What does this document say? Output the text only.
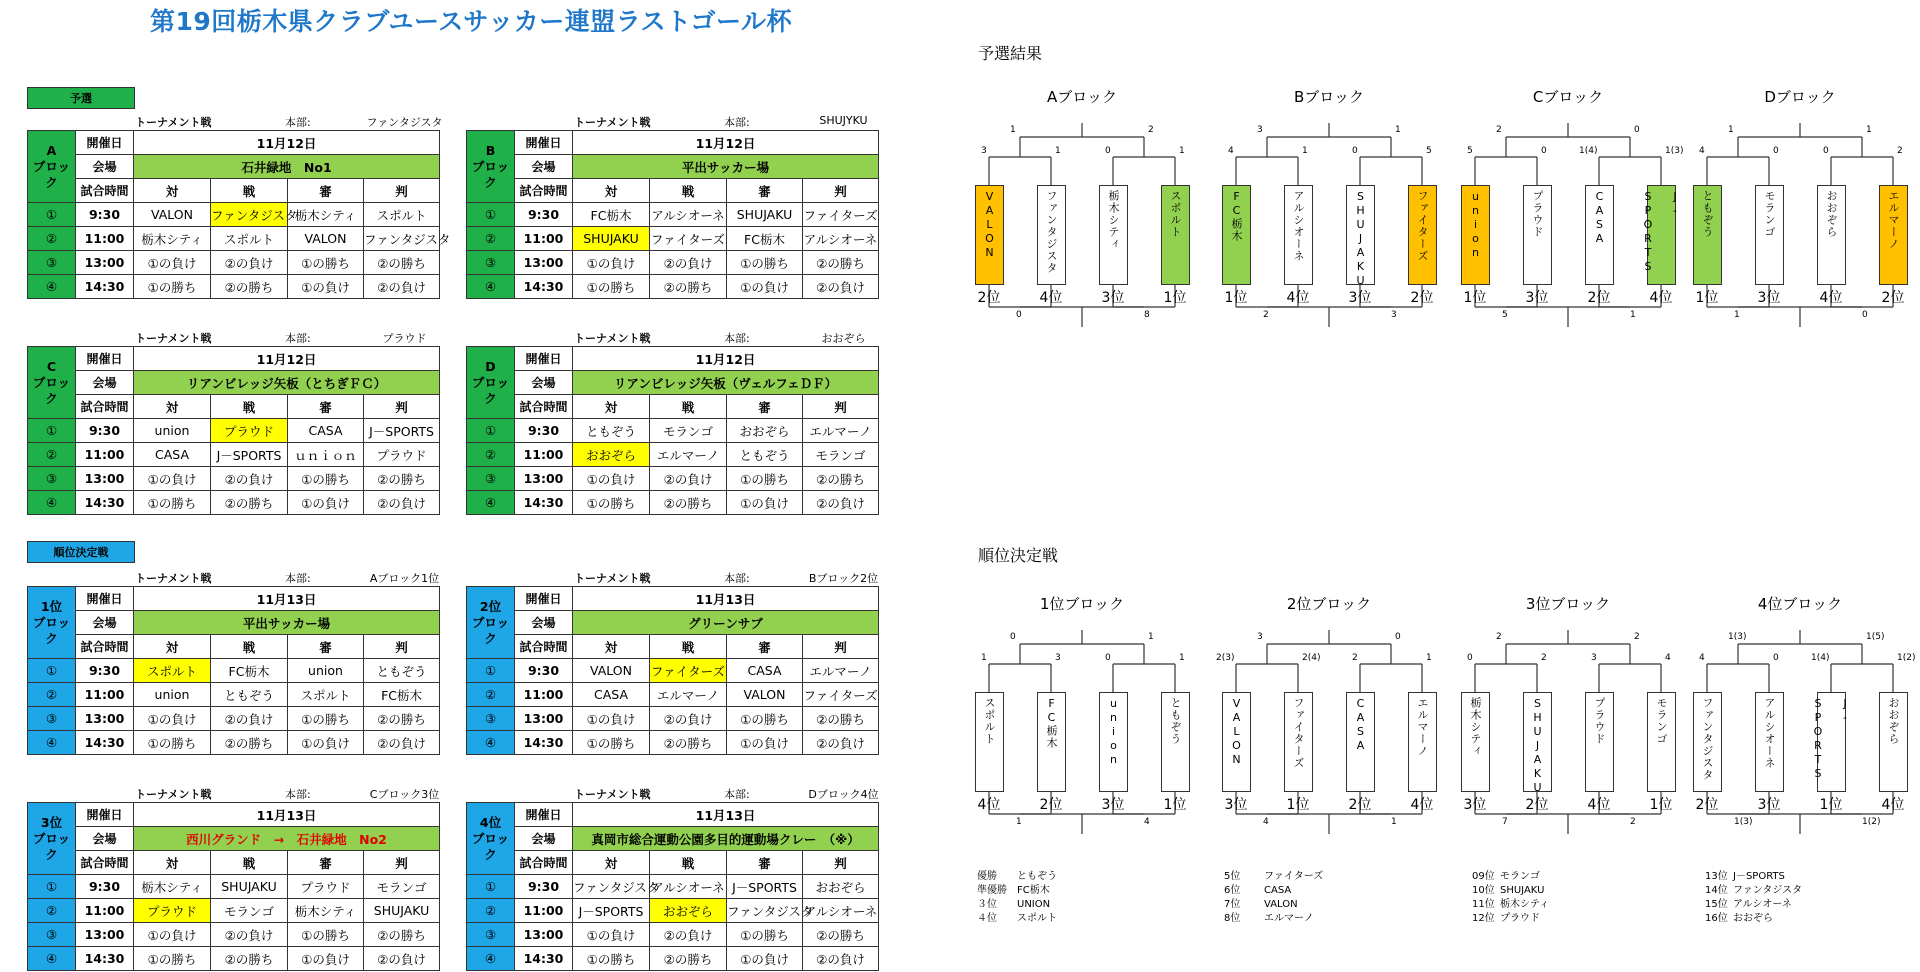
第19回栃木県クラブユースサッカー連盟ラストゴール杯
予選
順位決定戦
トーナメント戦	本部:	ファンタジスタ
A
ブロック	開催日	11月12日			
	会場	石井緑地　No1			
	試合時間	対	戦	審	判
①	9:30	VALON	ファンタジスタ	栃木シティ	スポルト
②	11:00	栃木シティ	スポルト	VALON	ファンタジスタ
③	13:00	①の負け	②の負け	①の勝ち	②の勝ち
④	14:30	①の勝ち	②の勝ち	①の負け	②の負け
トーナメント戦	本部:	SHUJYKU
B
ブロック	開催日	11月12日			
	会場	平出サッカー場			
	試合時間	対	戦	審	判
①	9:30	FC栃木	アルシオーネ	SHUJAKU	ファイターズ
②	11:00	SHUJAKU	ファイターズ	FC栃木	アルシオーネ
③	13:00	①の負け	②の負け	①の勝ち	②の勝ち
④	14:30	①の勝ち	②の勝ち	①の負け	②の負け
トーナメント戦	本部:	プラウド
C
ブロック	開催日	11月12日			
	会場	リアンビレッジ矢板（とちぎＦＣ）			
	試合時間	対	戦	審	判
①	9:30	union	プラウド	CASA	J－SPORTS
②	11:00	CASA	J－SPORTS	ｕｎｉｏｎ	プラウド
③	13:00	①の負け	②の負け	①の勝ち	②の勝ち
④	14:30	①の勝ち	②の勝ち	①の負け	②の負け
トーナメント戦	本部:	おおぞら
D
ブロック	開催日	11月12日			
	会場	リアンビレッジ矢板（ヴェルフェＤＦ）			
	試合時間	対	戦	審	判
①	9:30	ともぞう	モランゴ	おおぞら	エルマーノ
②	11:00	おおぞら	エルマーノ	ともぞう	モランゴ
③	13:00	①の負け	②の負け	①の勝ち	②の勝ち
④	14:30	①の勝ち	②の勝ち	①の負け	②の負け
トーナメント戦	本部:	Aブロック1位
1位
ブロック	開催日	11月13日			
	会場	平出サッカー場			
	試合時間	対	戦	審	判
①	9:30	スポルト	FC栃木	union	ともぞう
②	11:00	union	ともぞう	スポルト	FC栃木
③	13:00	①の負け	②の負け	①の勝ち	②の勝ち
④	14:30	①の勝ち	②の勝ち	①の負け	②の負け
トーナメント戦	本部:	Bブロック2位
2位
ブロック	開催日	11月13日			
	会場	グリーンサブ			
	試合時間	対	戦	審	判
①	9:30	VALON	ファイターズ	CASA	エルマーノ
②	11:00	CASA	エルマーノ	VALON	ファイターズ
③	13:00	①の負け	②の負け	①の勝ち	②の勝ち
④	14:30	①の勝ち	②の勝ち	①の負け	②の負け
トーナメント戦	本部:	Cブロック3位
3位
ブロック	開催日	11月13日			
	会場	西川グランド　→　石井緑地　No2			
	試合時間	対	戦	審	判
①	9:30	栃木シティ	SHUJAKU	プラウド	モランゴ
②	11:00	プラウド	モランゴ	栃木シティ	SHUJAKU
③	13:00	①の負け	②の負け	①の勝ち	②の勝ち
④	14:30	①の勝ち	②の勝ち	①の負け	②の負け
トーナメント戦	本部:	Dブロック4位
4位
ブロック	開催日	11月13日			
	会場	真岡市総合運動公園多目的運動場クレー　（※）			
	試合時間	対	戦	審	判
①	9:30	ファンタジスタ	アルシオーネ	J－SPORTS	おおぞら
②	11:00	J－SPORTS	おおぞら	ファンタジスタ	アルシオーネ
③	13:00	①の負け	②の負け	①の勝ち	②の勝ち
④	14:30	①の勝ち	②の勝ち	①の負け	②の負け
予選結果
順位決定戦
Aブロック
1	2
3	1	0	1
0	8
VALON
2位
ファンタジスタ
4位
栃木シティ
3位
スポルト
1位
Bブロック
3	1
4	1	0	5
2	3
FC栃木
1位
アルシオーネ
4位
SHUJAKU
3位
ファイターズ
2位
Cブロック
2	0
5	0	1(4)	1(3)
5	1
union
1位
プラウド
3位
CASA
2位
J-SPORTS
4位
Dブロック
1	1
4	0	0	2
1	0
ともぞう
1位
モランゴ
3位
おおぞら
4位
エルマーノ
2位
1位ブロック
0	1
1	3	0	1
1	4
スポルト
4位
FC栃木
2位
union
3位
ともぞう
1位
2位ブロック
3	0
2(3)	2(4)	2	1
4	1
VALON
3位
ファイターズ
1位
CASA
2位
エルマーノ
4位
3位ブロック
2	2
0	2	3	4
7	2
栃木シティ
3位
SHUJAKU
2位
プラウド
4位
モランゴ
1位
4位ブロック
1(3)	1(5)
4	0	1(4)	1(2)
1(3)	1(2)
ファンタジスタ
2位
アルシオーネ
3位
J-SPORTS
1位
おおぞら
4位
優勝 ともぞう
準優勝 FC栃木
３位 UNION
４位 スポルト
5位 ファイターズ
6位 CASA
7位 VALON
8位 エルマーノ
09位 モランゴ
10位 SHUJAKU
11位 栃木シティ
12位 プラウド
13位 J－SPORTS
14位 ファンタジスタ
15位 アルシオーネ
16位 おおぞら
